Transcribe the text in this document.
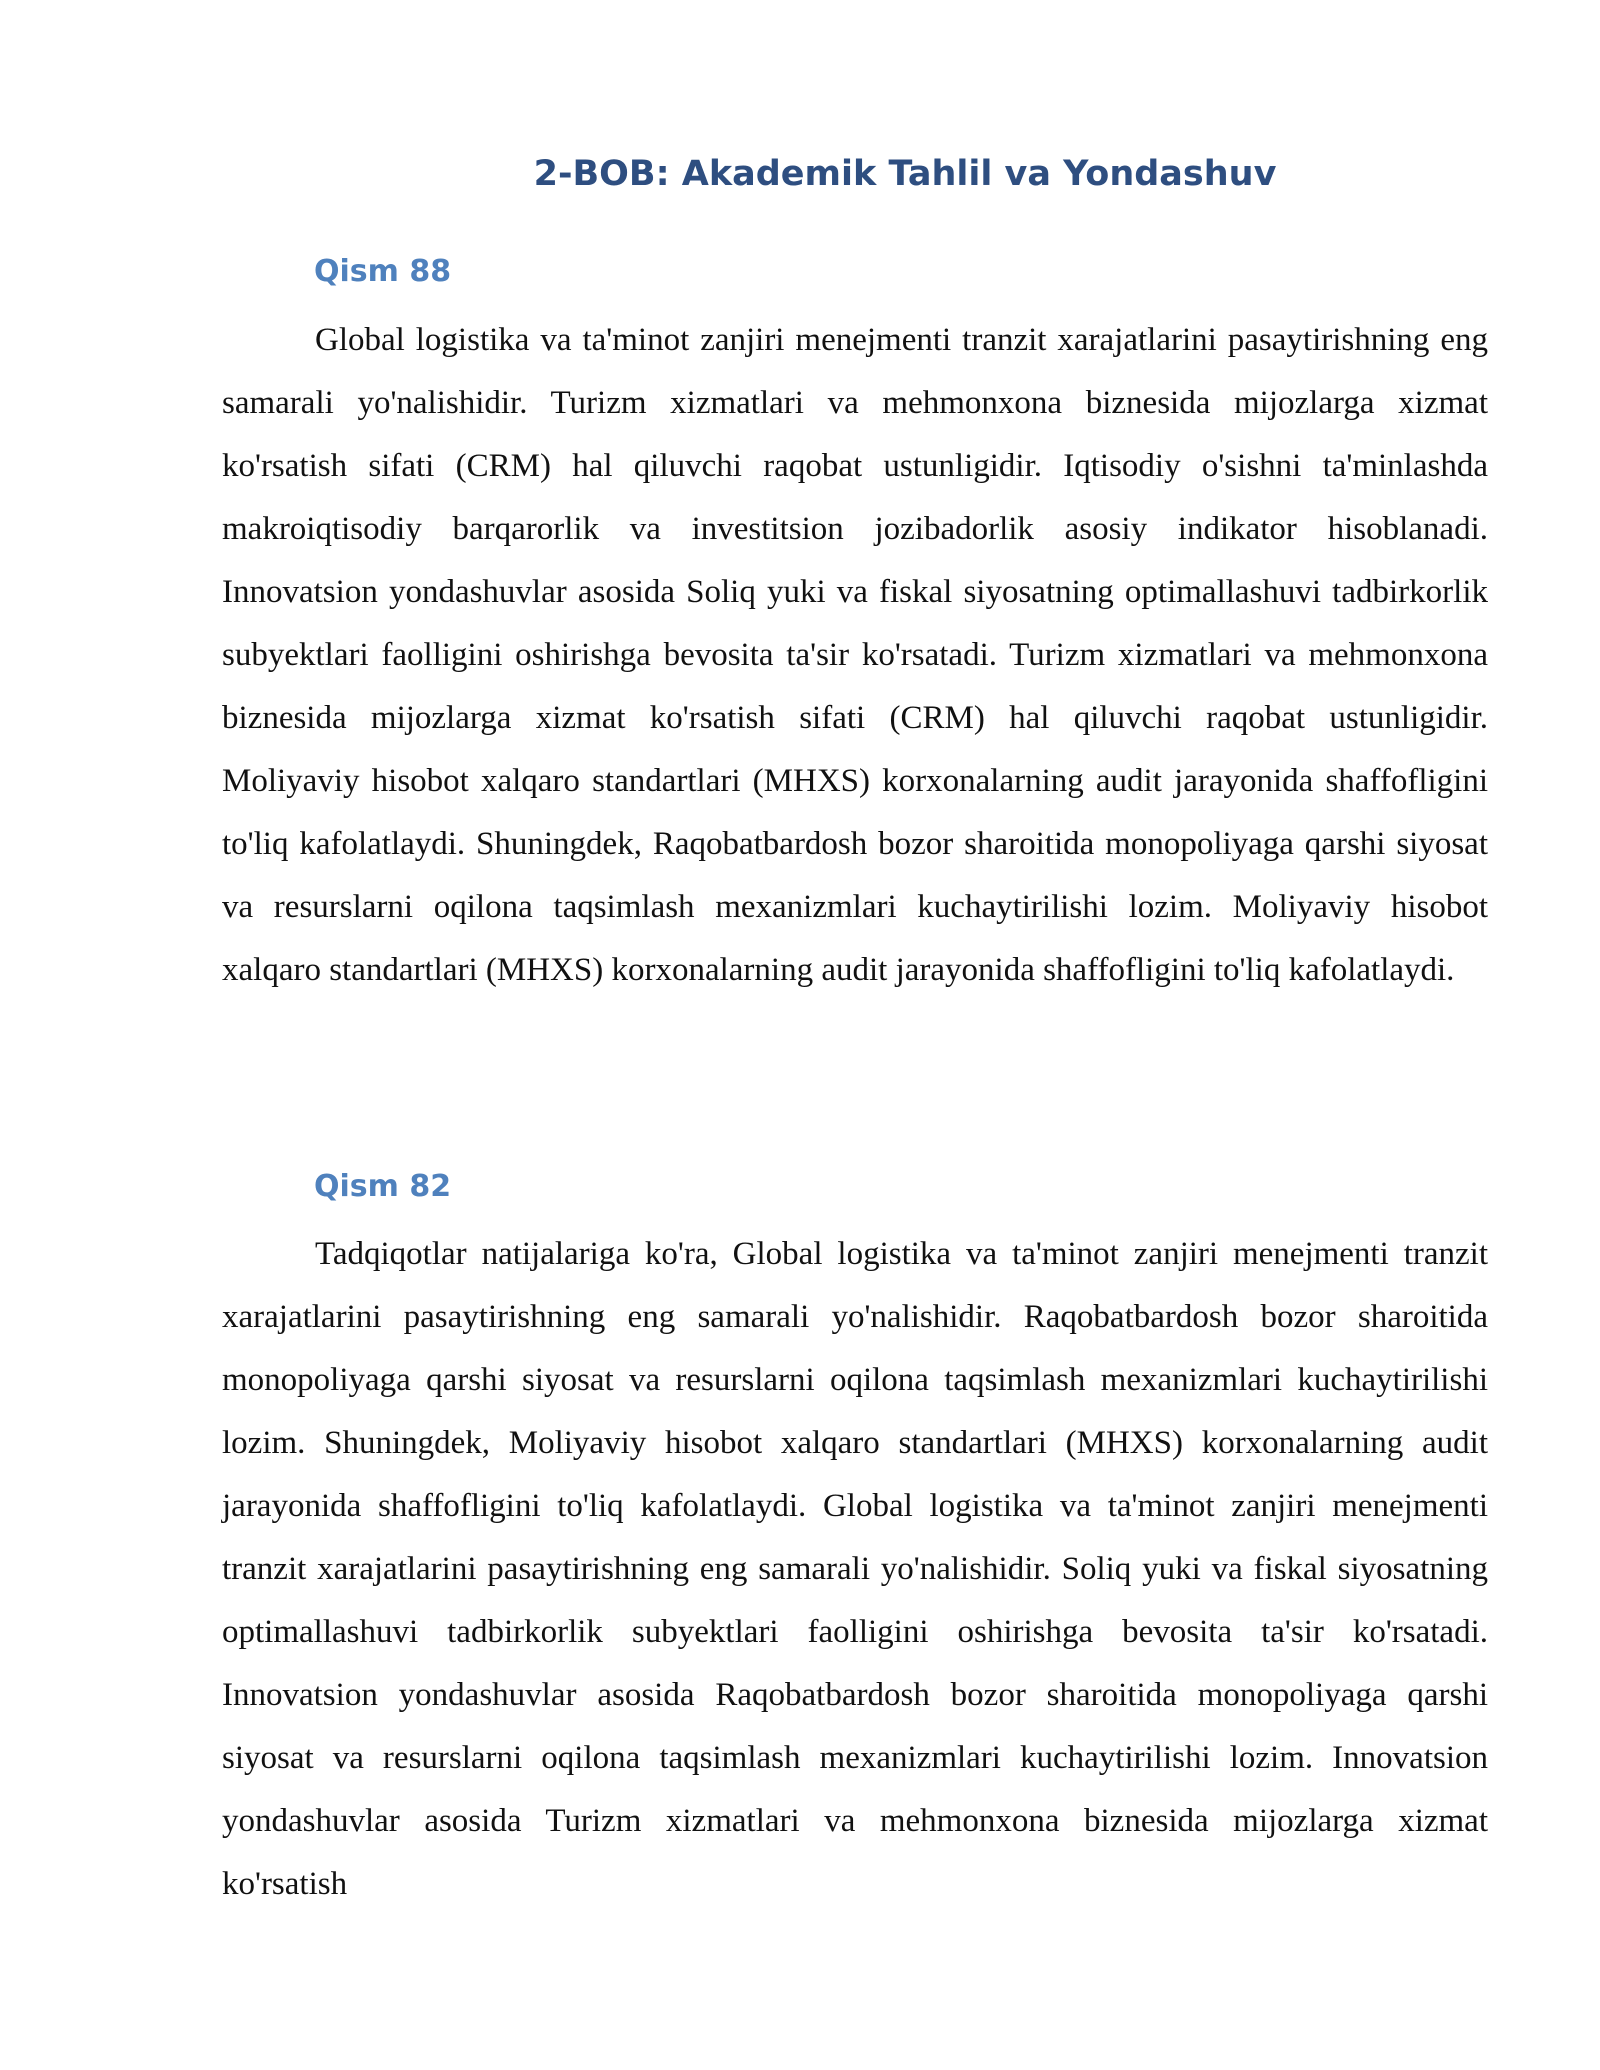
2-BOB: Akademik Tahlil va Yondashuv
Qism 88

Global logistika va ta'minot zanjiri menejmenti tranzit xarajatlarini pasaytirishning eng samarali yo'nalishidir. Turizm xizmatlari va mehmonxona biznesida mijozlarga xizmat ko'rsatish sifati (CRM) hal qiluvchi raqobat ustunligidir. Iqtisodiy o'sishni ta'minlashda makroiqtisodiy barqarorlik va investitsion jozibadorlik asosiy indikator hisoblanadi. Innovatsion yondashuvlar asosida Soliq yuki va fiskal siyosatning optimallashuvi tadbirkorlik subyektlari faolligini oshirishga bevosita ta'sir ko'rsatadi. Turizm xizmatlari va mehmonxona biznesida mijozlarga xizmat ko'rsatish sifati (CRM) hal qiluvchi raqobat ustunligidir. Moliyaviy hisobot xalqaro standartlari (MHXS) korxonalarning audit jarayonida shaffofligini to'liq kafolatlaydi. Shuningdek, Raqobatbardosh bozor sharoitida monopoliyaga qarshi siyosat va resurslarni oqilona taqsimlash mexanizmlari kuchaytirilishi lozim. Moliyaviy hisobot xalqaro standartlari (MHXS) korxonalarning audit jarayonida shaffofligini to'liq kafolatlaydi.

Qism 82

Tadqiqotlar natijalariga ko'ra, Global logistika va ta'minot zanjiri menejmenti tranzit xarajatlarini pasaytirishning eng samarali yo'nalishidir. Raqobatbardosh bozor sharoitida monopoliyaga qarshi siyosat va resurslarni oqilona taqsimlash mexanizmlari kuchaytirilishi lozim. Shuningdek, Moliyaviy hisobot xalqaro standartlari (MHXS) korxonalarning audit jarayonida shaffofligini to'liq kafolatlaydi. Global logistika va ta'minot zanjiri menejmenti tranzit xarajatlarini pasaytirishning eng samarali yo'nalishidir. Soliq yuki va fiskal siyosatning optimallashuvi tadbirkorlik subyektlari faolligini oshirishga bevosita ta'sir ko'rsatadi. Innovatsion yondashuvlar asosida Raqobatbardosh bozor sharoitida monopoliyaga qarshi siyosat va resurslarni oqilona taqsimlash mexanizmlari kuchaytirilishi lozim. Innovatsion yondashuvlar asosida Turizm xizmatlari va mehmonxona biznesida mijozlarga xizmat ko'rsatish
